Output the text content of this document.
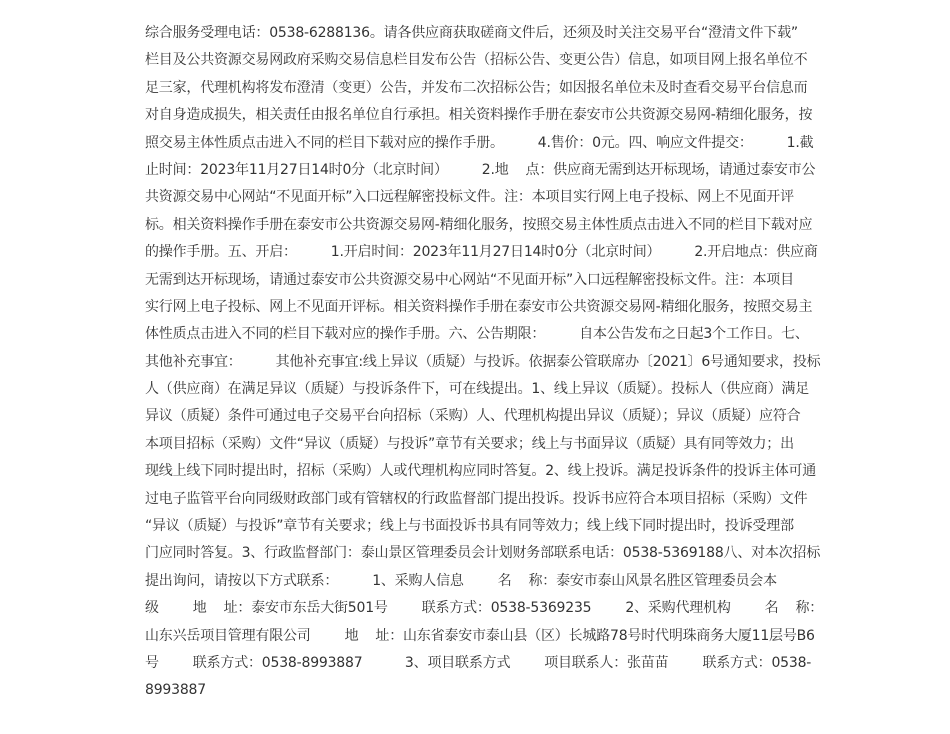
综合服务受理电话：0538-6288136。请各供应商获取磋商文件后，还须及时关注交易平台“澄清文件下载”
栏目及公共资源交易网政府采购交易信息栏目发布公告（招标公告、变更公告）信息，如项目网上报名单位不
足三家，代理机构将发布澄清（变更）公告，并发布二次招标公告；如因报名单位未及时查看交易平台信息而
对自身造成损失，相关责任由报名单位自行承担。相关资料操作手册在泰安市公共资源交易网-精细化服务，按
照交易主体性质点击进入不同的栏目下载对应的操作手册。        4.售价：0元。四、响应文件提交：        1.截
止时间：2023年11月27日14时0分（北京时间）        2.地    点：供应商无需到达开标现场，请通过泰安市公
共资源交易中心网站“不见面开标”入口远程解密投标文件。注：本项目实行网上电子投标、网上不见面开评
标。相关资料操作手册在泰安市公共资源交易网-精细化服务，按照交易主体性质点击进入不同的栏目下载对应
的操作手册。五、开启：        1.开启时间：2023年11月27日14时0分（北京时间）        2.开启地点：供应商
无需到达开标现场，请通过泰安市公共资源交易中心网站“不见面开标”入口远程解密投标文件。注：本项目
实行网上电子投标、网上不见面开评标。相关资料操作手册在泰安市公共资源交易网-精细化服务，按照交易主
体性质点击进入不同的栏目下载对应的操作手册。六、公告期限：        自本公告发布之日起3个工作日。七、
其他补充事宜：        其他补充事宜:线上异议（质疑）与投诉。依据泰公管联席办〔2021〕6号通知要求，投标
人（供应商）在满足异议（质疑）与投诉条件下，可在线提出。1、线上异议（质疑）。投标人（供应商）满足
异议（质疑）条件可通过电子交易平台向招标（采购）人、代理机构提出异议（质疑）；异议（质疑）应符合
本项目招标（采购）文件“异议（质疑）与投诉”章节有关要求；线上与书面异议（质疑）具有同等效力；出
现线上线下同时提出时，招标（采购）人或代理机构应同时答复。2、线上投诉。满足投诉条件的投诉主体可通
过电子监管平台向同级财政部门或有管辖权的行政监督部门提出投诉。投诉书应符合本项目招标（采购）文件
“异议（质疑）与投诉”章节有关要求；线上与书面投诉书具有同等效力；线上线下同时提出时，投诉受理部
门应同时答复。3、行政监督部门：泰山景区管理委员会计划财务部联系电话：0538-5369188八、对本次招标
提出询问，请按以下方式联系：        1、采购人信息        名    称：泰安市泰山风景名胜区管理委员会本
级        地    址：泰安市东岳大街501号        联系方式：0538-5369235        2、采购代理机构        名    称：
山东兴岳项目管理有限公司        地    址：山东省泰安市泰山县（区）长城路78号时代明珠商务大厦11层号B6
号        联系方式：0538-8993887          3、项目联系方式        项目联系人：张苗苗        联系方式：0538-
8993887
